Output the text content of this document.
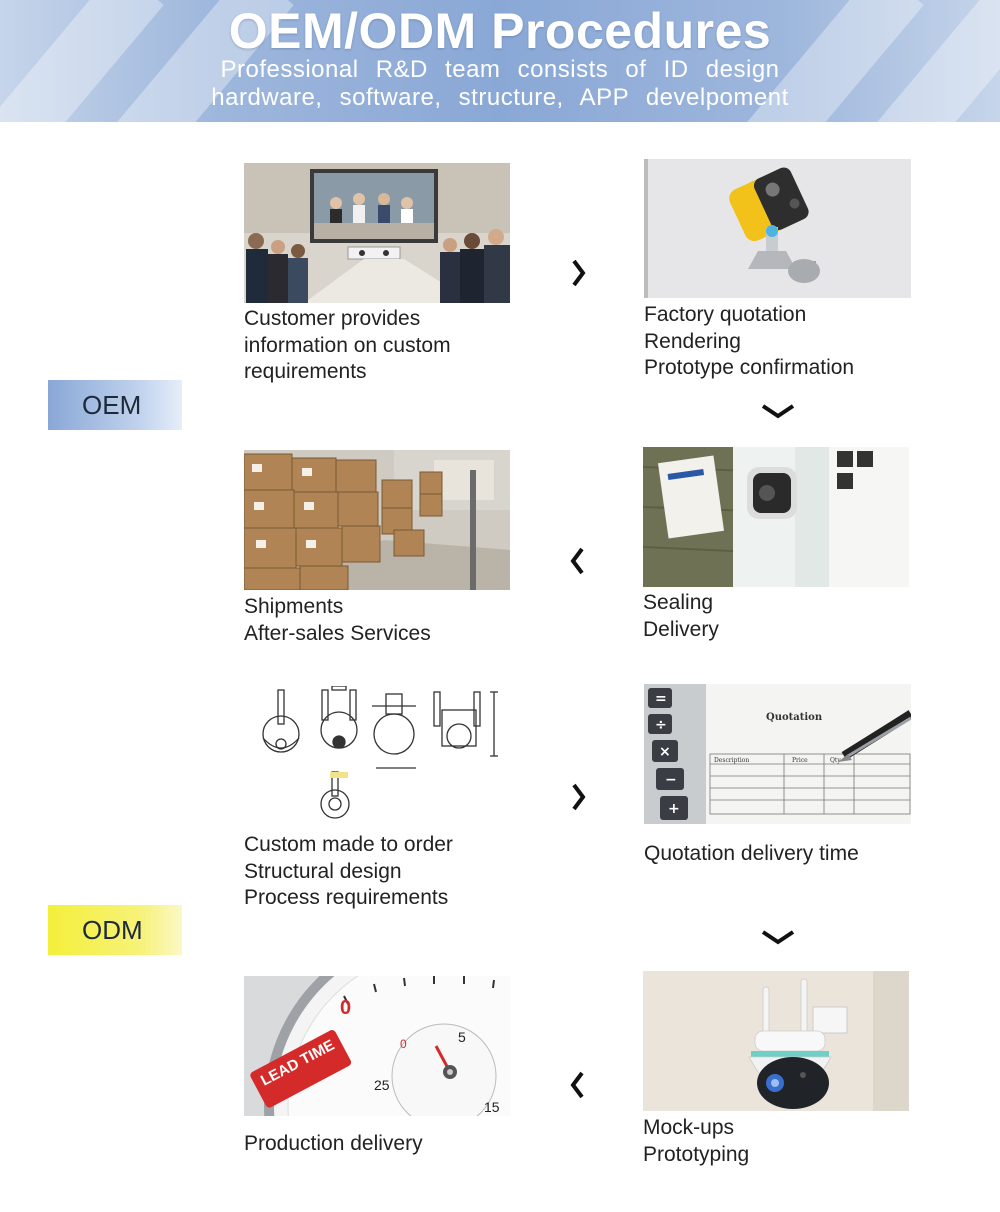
OEM/ODM Procedures
Professional R&D team consists of ID design
hardware, software, structure, APP develpoment
OEM
ODM
Customer provides
information on custom
requirements
Factory quotation
Rendering
Prototype confirmation
Shipments
After-sales Services
Sealing
Delivery
Custom made to order
Structural design
Process requirements
=
÷
×
−
+
Quotation
Description	Price	Qty
Quotation delivery time
0
0	5
25
15
LEAD TIME
Production delivery
Mock-ups
Prototyping
